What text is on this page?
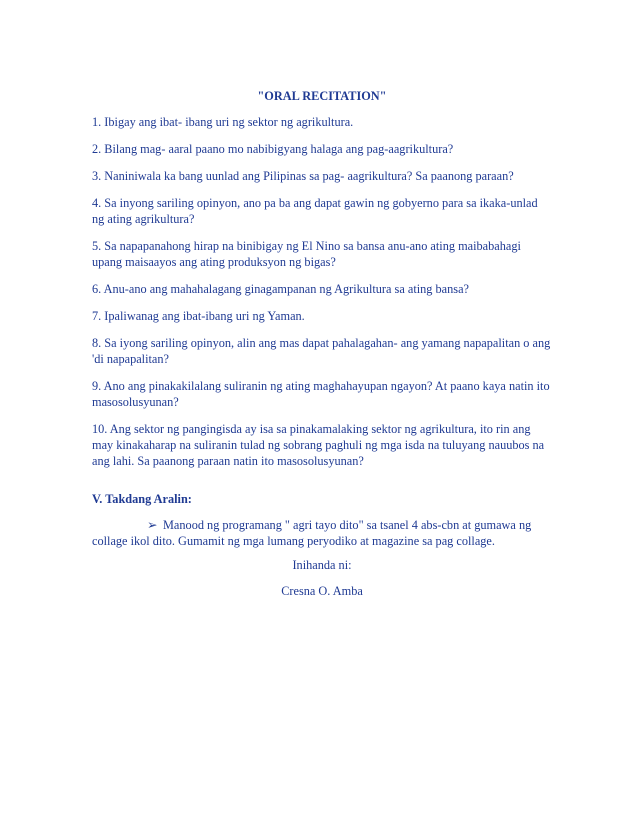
"ORAL RECITATION"

1. Ibigay ang ibat- ibang uri ng sektor ng agrikultura.

2. Bilang mag- aaral paano mo nabibigyang halaga ang pag-aagrikultura?

3. Naniniwala ka bang uunlad ang Pilipinas sa pag- aagrikultura? Sa paanong paraan?

4. Sa inyong sariling opinyon, ano pa ba ang dapat gawin ng gobyerno para sa ikaka-unlad ng ating agrikultura?

5. Sa napapanahong hirap na binibigay ng El Nino sa bansa anu-ano ating maibabahagi upang maisaayos ang ating produksyon ng bigas?

6. Anu-ano ang mahahalagang ginagampanan ng Agrikultura sa ating bansa?

7. Ipaliwanag ang ibat-ibang uri ng Yaman.

8. Sa iyong sariling opinyon, alin ang mas dapat pahalagahan- ang yamang napapalitan o ang 'di napapalitan?

9. Ano ang pinakakilalang suliranin ng ating maghahayupan ngayon? At paano kaya natin ito masosolusyunan?

10. Ang sektor ng pangingisda ay isa sa pinakamalaking sektor ng agrikultura, ito rin ang may kinakaharap na suliranin tulad ng sobrang paghuli ng mga isda na tuluyang nauubos na ang lahi. Sa paanong paraan natin ito masosolusyunan?

V. Takdang Aralin:

➢ Manood ng programang " agri tayo dito" sa tsanel 4 abs-cbn at gumawa ng collage ikol dito. Gumamit ng mga lumang peryodiko at magazine sa pag collage.

Inihanda ni:

Cresna O. Amba
